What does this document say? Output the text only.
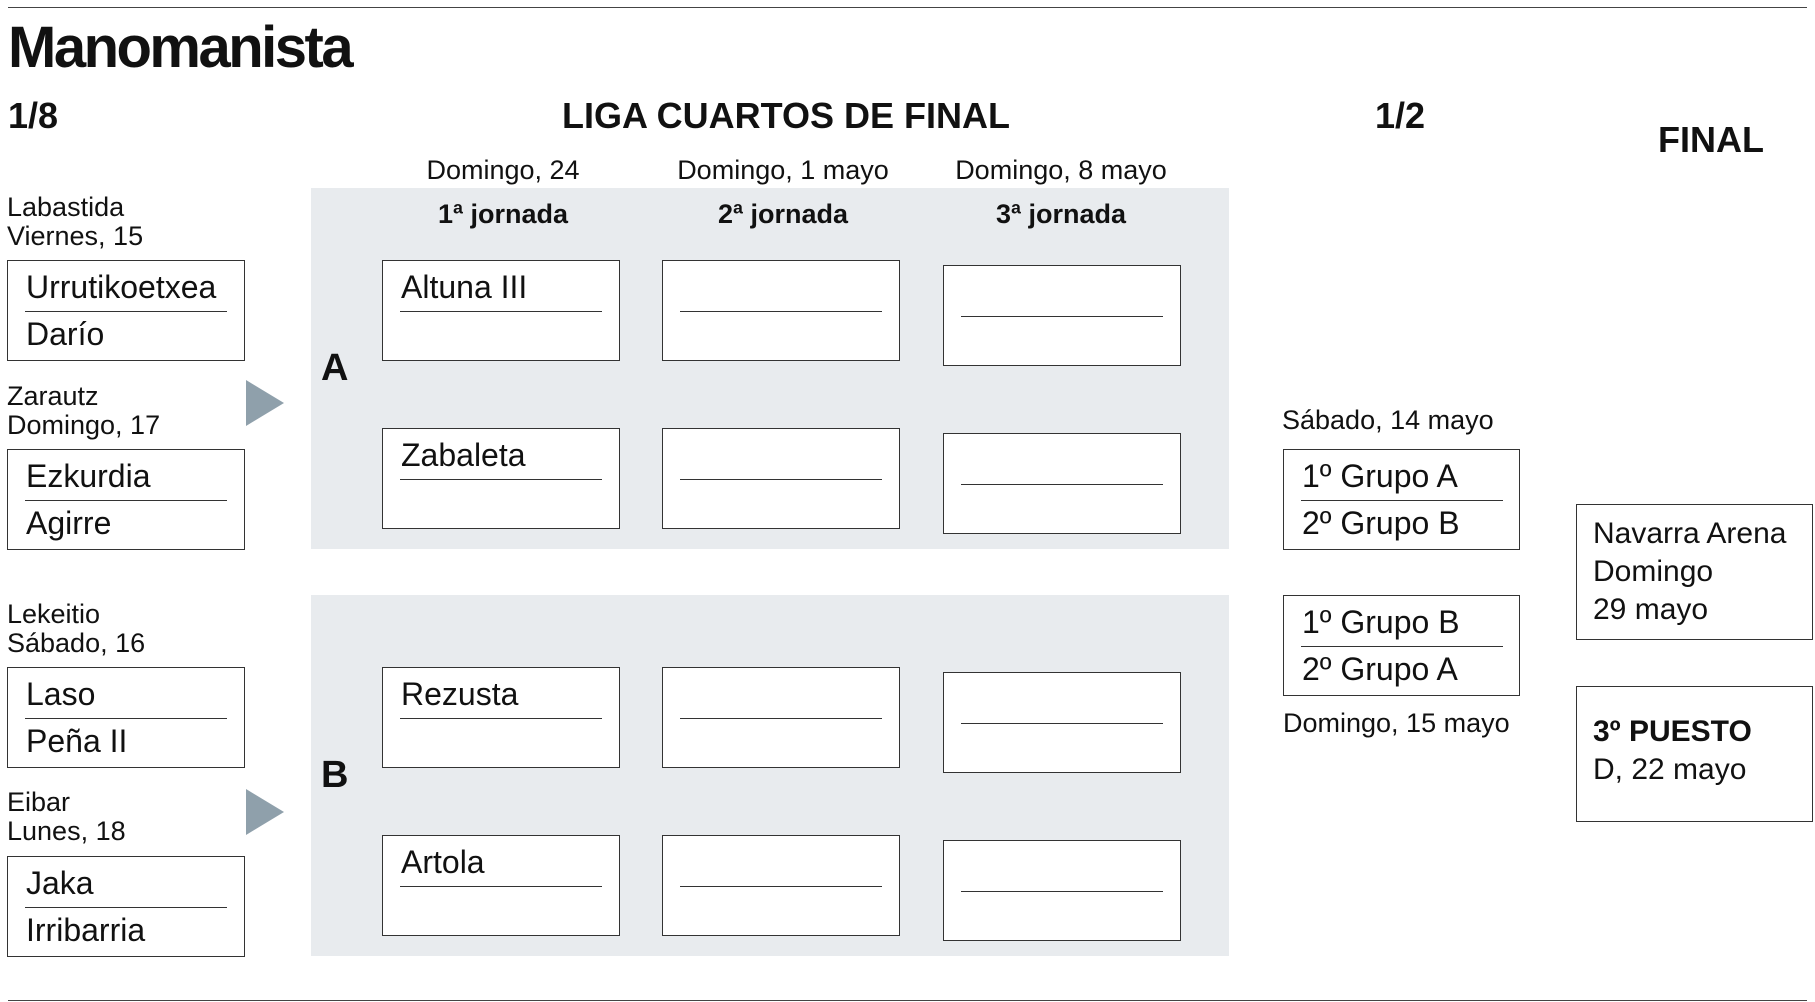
Manomanista
1/8	LIGA CUARTOS DE FINAL	1/2
FINAL
Domingo, 24	Domingo, 1 mayo	Domingo, 8 mayo
1ª jornada	2ª jornada	3ª jornada
A
B
Labastida
Viernes, 15
Urrutikoetxea
Darío
Zarautz
Domingo, 17
Ezkurdia
Agirre
Lekeitio
Sábado, 16
Laso
Peña II
Eibar
Lunes, 18
Jaka
Irribarria
Altuna III
Zabaleta
Rezusta
Artola
Sábado, 14 mayo
1º Grupo A
2º Grupo B
1º Grupo B
2º Grupo A
Domingo, 15 mayo
Navarra Arena
Domingo
29 mayo
3º PUESTO
D, 22 mayo
